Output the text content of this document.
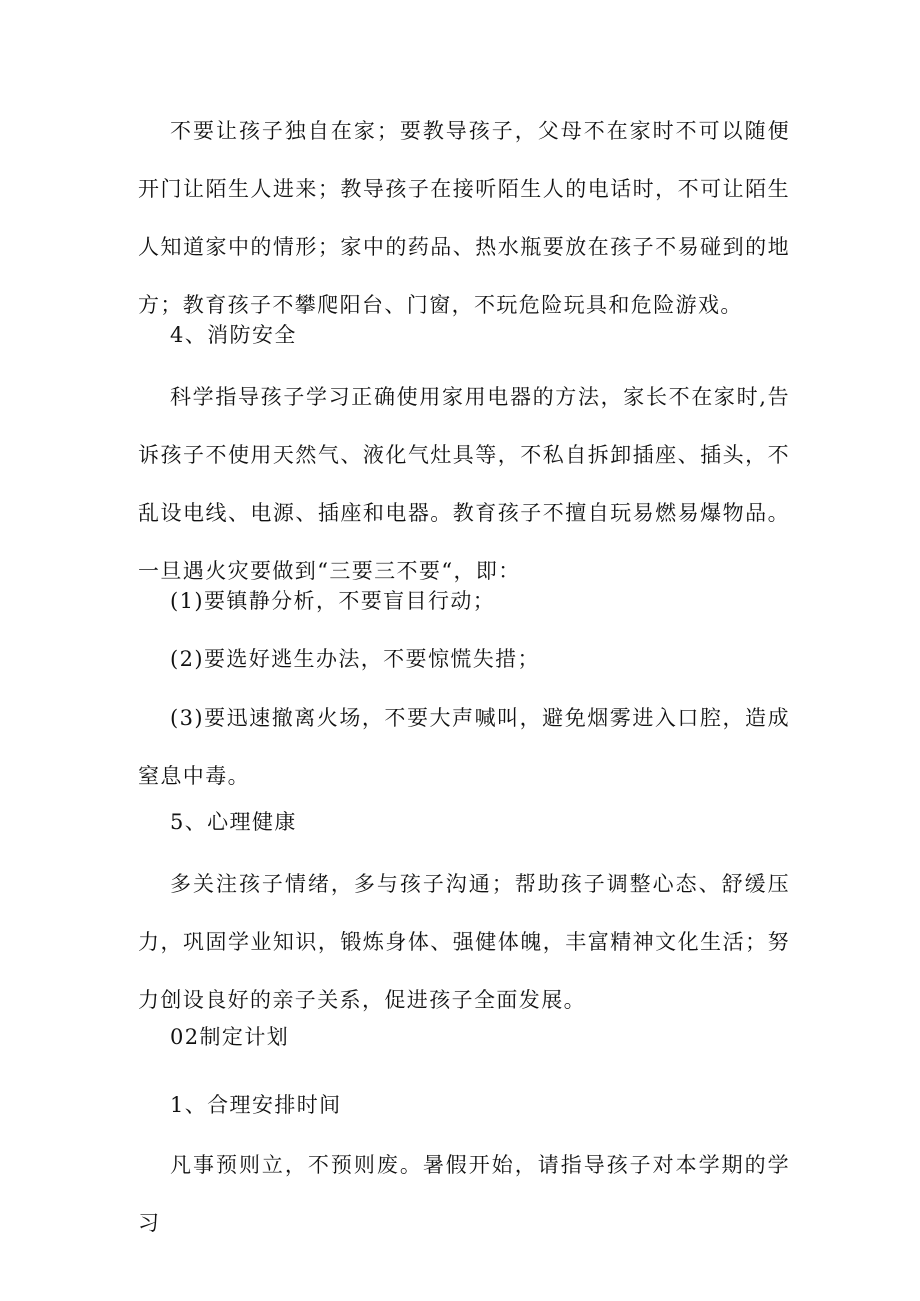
不要让孩子独自在家；要教导孩子，父母不在家时不可以随便开门让陌生人进来；教导孩子在接听陌生人的电话时，不可让陌生人知道家中的情形；家中的药品、热水瓶要放在孩子不易碰到的地方；教育孩子不攀爬阳台、门窗，不玩危险玩具和危险游戏。

4、消防安全

科学指导孩子学习正确使用家用电器的方法，家长不在家时,告诉孩子不使用天然气、液化气灶具等，不私自拆卸插座、插头，不乱设电线、电源、插座和电器。教育孩子不擅自玩易燃易爆物品。一旦遇火灾要做到“三要三不要“，即：

(1)要镇静分析，不要盲目行动；

(2)要选好逃生办法，不要惊慌失措；

(3)要迅速撤离火场，不要大声喊叫，避免烟雾进入口腔，造成窒息中毒。

5、心理健康

多关注孩子情绪，多与孩子沟通；帮助孩子调整心态、舒缓压力，巩固学业知识，锻炼身体、强健体魄，丰富精神文化生活；努力创设良好的亲子关系，促进孩子全面发展。

02制定计划

1、合理安排时间

凡事预则立，不预则废。暑假开始，请指导孩子对本学期的学习
